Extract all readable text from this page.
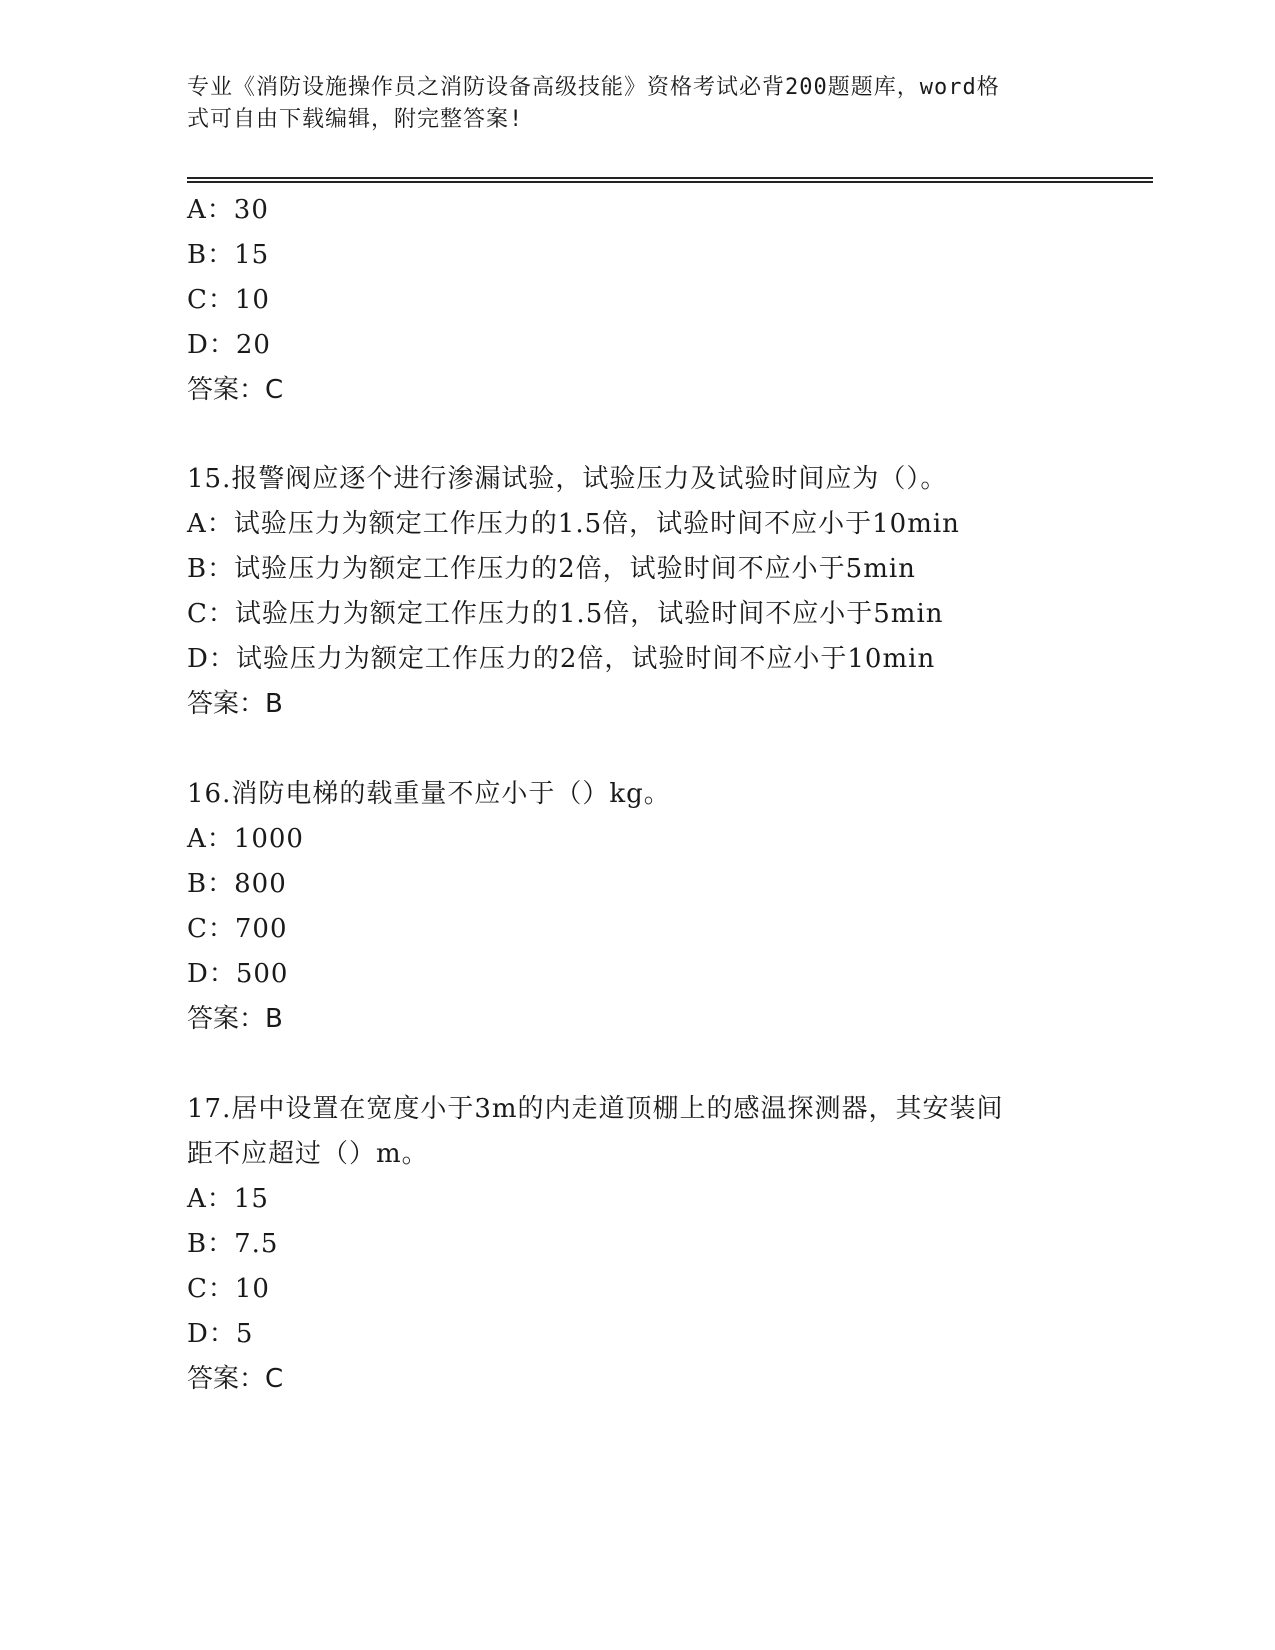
专业《消防设施操作员之消防设备高级技能》资格考试必背200题题库，word格
式可自由下载编辑，附完整答案!
A：30
B：15
C：10
D：20
答案：C
15.报警阀应逐个进行渗漏试验，试验压力及试验时间应为（）。
A：试验压力为额定工作压力的1.5倍，试验时间不应小于10min
B：试验压力为额定工作压力的2倍，试验时间不应小于5min
C：试验压力为额定工作压力的1.5倍，试验时间不应小于5min
D：试验压力为额定工作压力的2倍，试验时间不应小于10min
答案：B
16.消防电梯的载重量不应小于（）kg。
A：1000
B：800
C：700
D：500
答案：B
17.居中设置在宽度小于3m的内走道顶棚上的感温探测器，其安装间
距不应超过（）m。
A：15
B：7.5
C：10
D：5
答案：C
